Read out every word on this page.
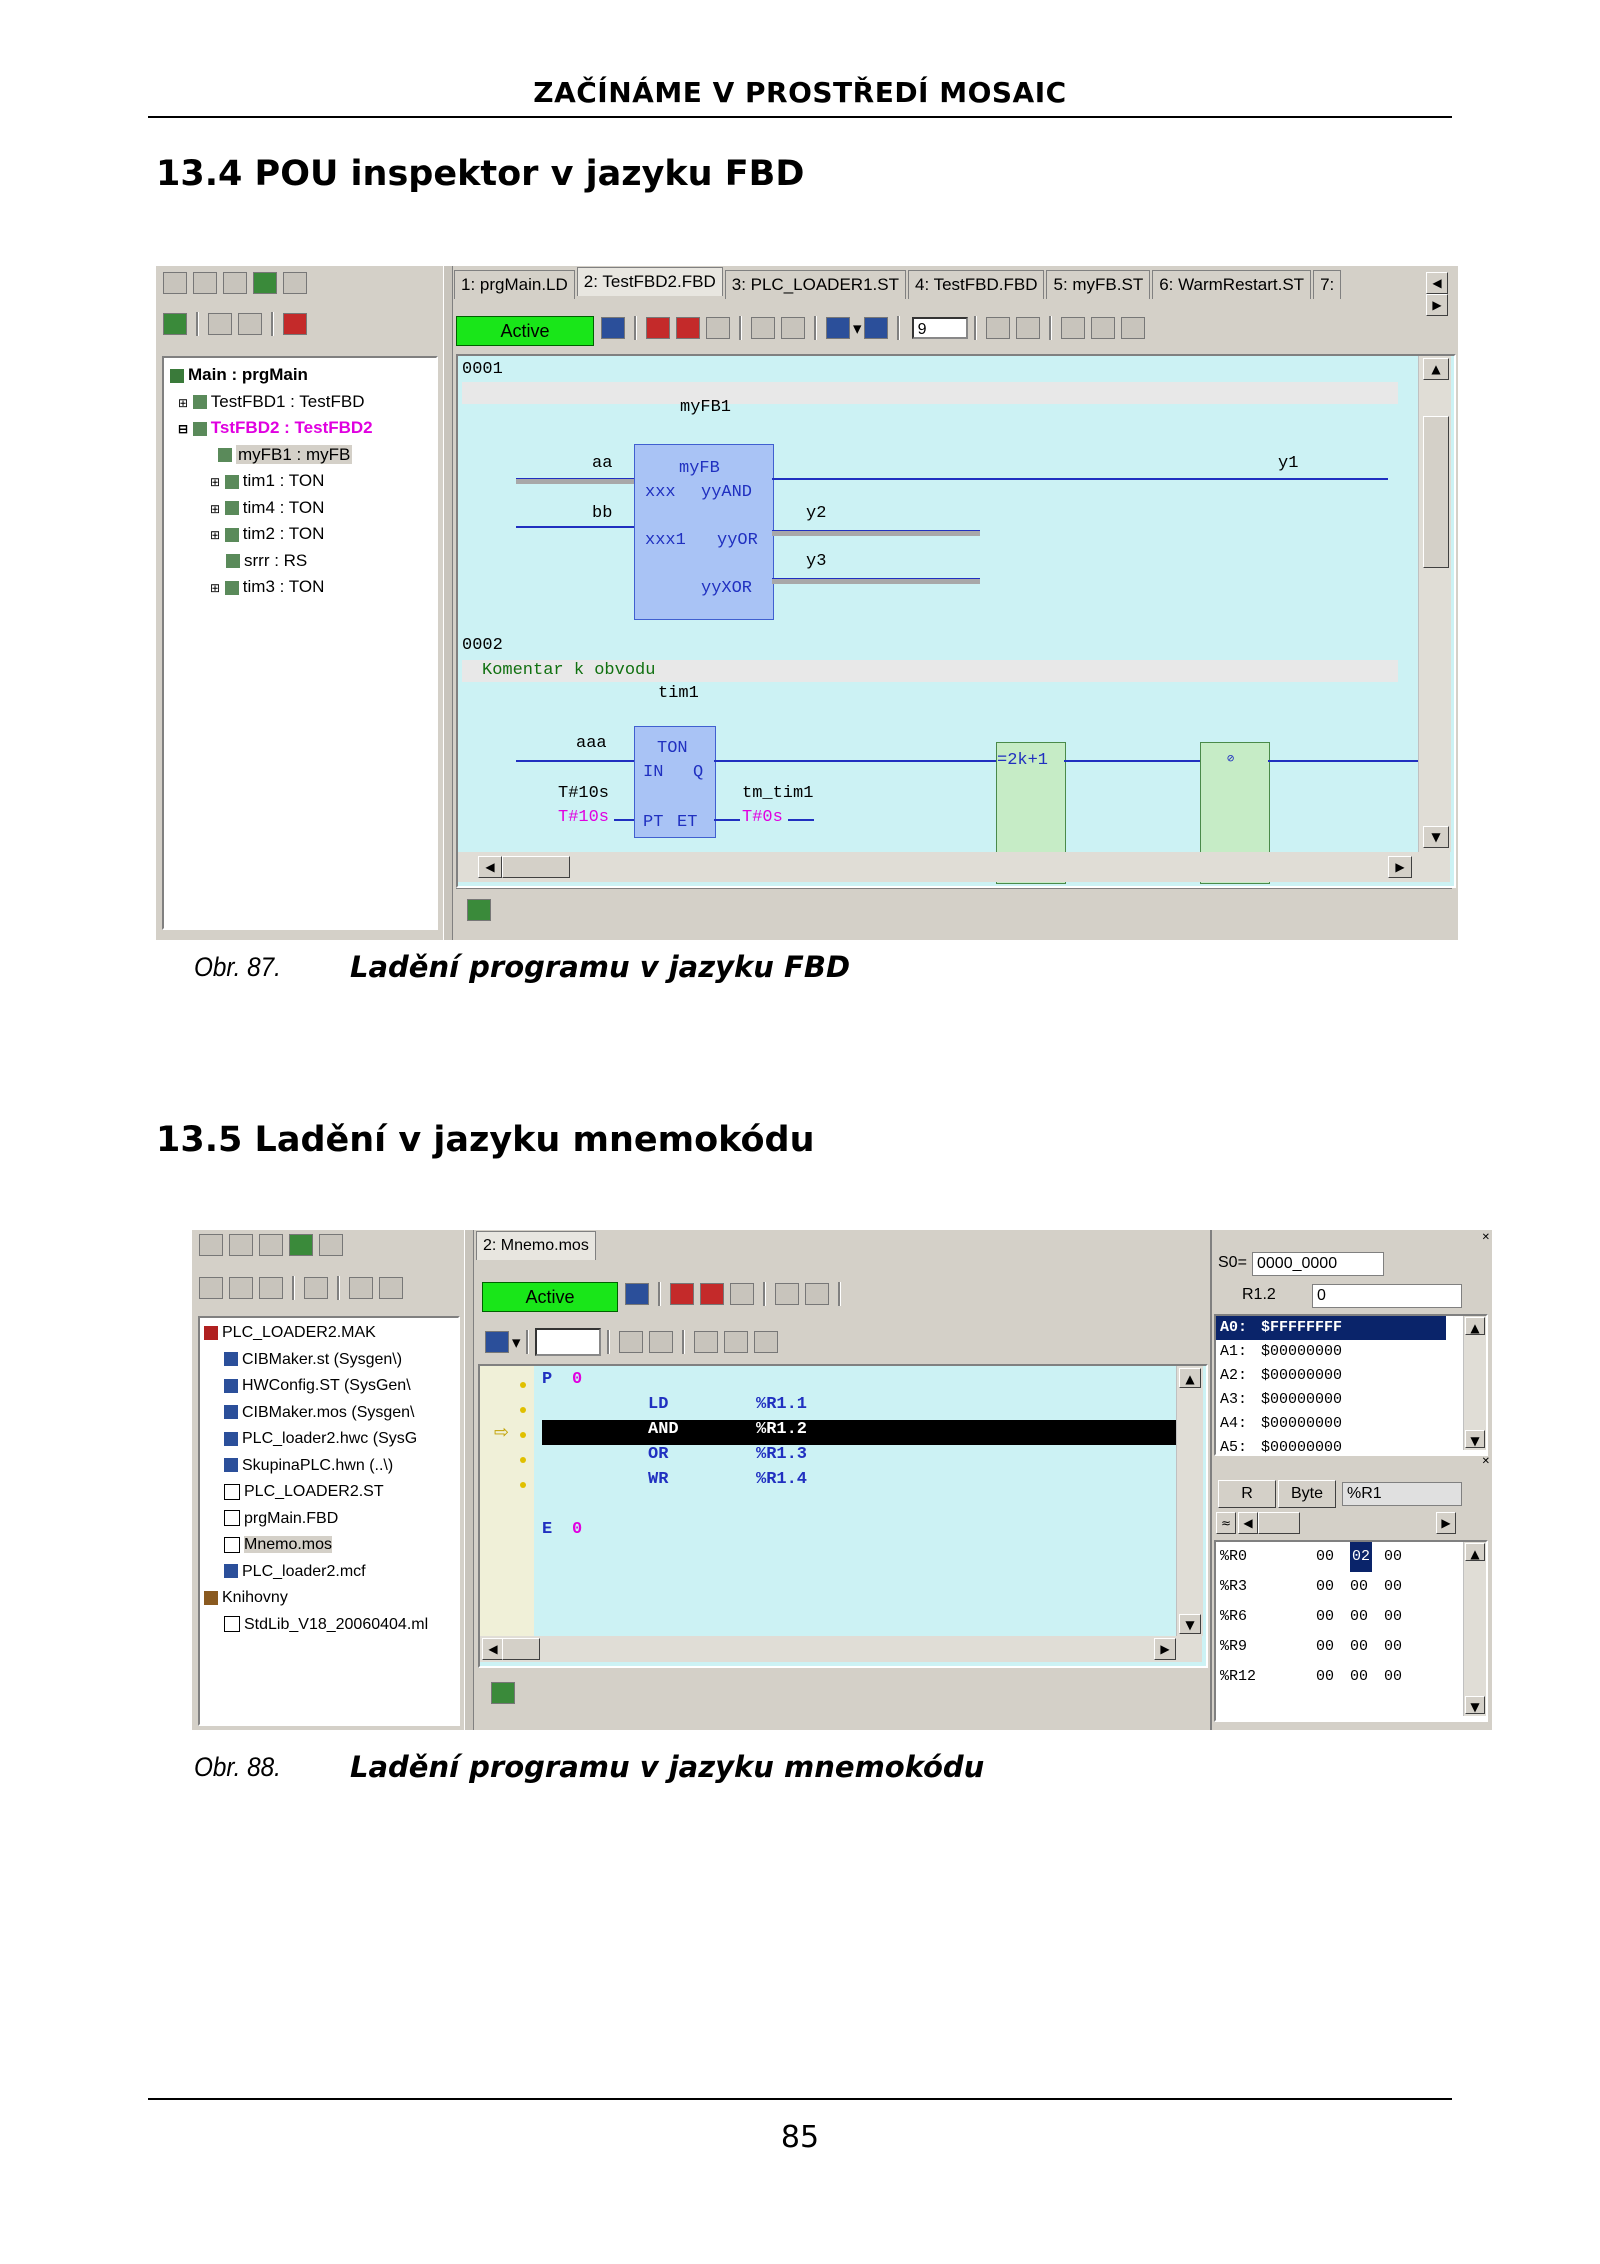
ZAČÍNÁME V PROSTŘEDÍ MOSAIC
13.4 POU inspektor v jazyku FBD
Main : prgMain
⊞ TestFBD1 : TestFBD
⊟ TstFBD2 : TestFBD2
myFB1 : myFB
⊞ tim1 : TON
⊞ tim4 : TON
⊞ tim2 : TON
srrr : RS
⊞ tim3 : TON
1: prgMain.LD 2: TestFBD2.FBD 3: PLC_LOADER1.ST 4: TestFBD.FBD 5: myFB.ST 6: WarmRestart.ST 7:	◀▶
Active	▼	9
0001
myFB1
myFB
xxx yyAND
xxx1 yyOR
yyXOR
aa
bb
y1
y2
y3
0002
Komentar k obvodu
tim1
TON
IN Q
PT ET
aaa
T#10s
T#10s
tm_tim1
T#0s
=2k+1	⊘
▲
▼
◀	▶
Obr. 87. Ladění programu v jazyku FBD
13.5 Ladění v jazyku mnemokódu
PLC_LOADER2.MAK
CIBMaker.st (Sysgen\)
HWConfig.ST (SysGen\
CIBMaker.mos (Sysgen\
PLC_loader2.hwc (SysG
SkupinaPLC.hwn (..\)
PLC_LOADER2.ST
prgMain.FBD
Mnemo.mos
PLC_loader2.mcf
Knihovny
StdLib_V18_20060404.ml
2: Mnemo.mos
Active
▼
⇨
P 0
LD	%R1.1
AND	%R1.2
OR	%R1.3
WR	%R1.4
E 0
▲
▼
◀	▶
✕
S0= 0000_0000
R1.2	0
A0: $FFFFFFFF
A1: $00000000
A2: $00000000
A3: $00000000
A4: $00000000
A5: $00000000
▲
▼
✕
R	Byte	%R1
≈	◀	▶
%R0	00 02 00
%R3	00 00 00
%R6	00 00 00
%R9	00 00 00
%R12	00 00 00
▲
▼
Obr. 88. Ladění programu v jazyku mnemokódu
85
